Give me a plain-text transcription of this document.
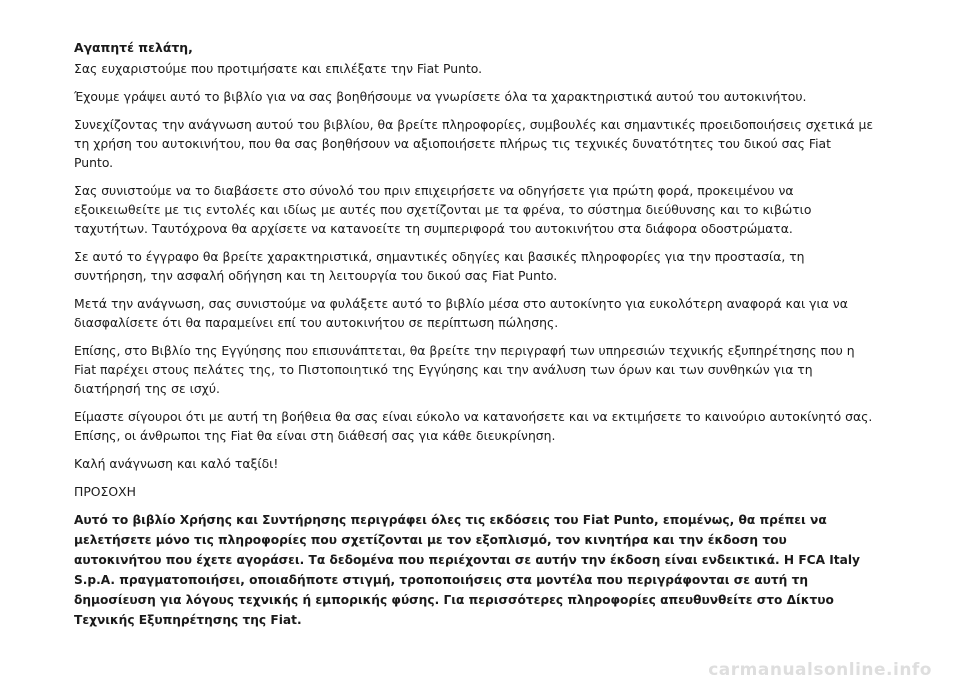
Αγαπητέ πελάτη,

Σας ευχαριστούμε που προτιμήσατε και επιλέξατε την Fiat Punto.

Έχουμε γράψει αυτό το βιβλίο για να σας βοηθήσουμε να γνωρίσετε όλα τα χαρακτηριστικά αυτού του αυτοκινήτου.

Συνεχίζοντας την ανάγνωση αυτού του βιβλίου, θα βρείτε πληροφορίες, συμβουλές και σημαντικές προειδοποιήσεις σχετικά με τη χρήση του αυτοκινήτου, που θα σας βοηθήσουν να αξιοποιήσετε πλήρως τις τεχνικές δυνατότητες του δικού σας Fiat Punto.

Σας συνιστούμε να το διαβάσετε στο σύνολό του πριν επιχειρήσετε να οδηγήσετε για πρώτη φορά, προκειμένου να εξοικειωθείτε με τις εντολές και ιδίως με αυτές που σχετίζονται με τα φρένα, το σύστημα διεύθυνσης και το κιβώτιο ταχυτήτων. Ταυτόχρονα θα αρχίσετε να κατανοείτε τη συμπεριφορά του αυτοκινήτου στα διάφορα οδοστρώματα.

Σε αυτό το έγγραφο θα βρείτε χαρακτηριστικά, σημαντικές οδηγίες και βασικές πληροφορίες για την προστασία, τη συντήρηση, την ασφαλή οδήγηση και τη λειτουργία του δικού σας Fiat Punto.

Μετά την ανάγνωση, σας συνιστούμε να φυλάξετε αυτό το βιβλίο μέσα στο αυτοκίνητο για ευκολότερη αναφορά και για να διασφαλίσετε ότι θα παραμείνει επί του αυτοκινήτου σε περίπτωση πώλησης.

Επίσης, στο Βιβλίο της Εγγύησης που επισυνάπτεται, θα βρείτε την περιγραφή των υπηρεσιών τεχνικής εξυπηρέτησης που η Fiat παρέχει στους πελάτες της, το Πιστοποιητικό της Εγγύησης και την ανάλυση των όρων και των συνθηκών για τη διατήρησή της σε ισχύ.

Είμαστε σίγουροι ότι με αυτή τη βοήθεια θα σας είναι εύκολο να κατανοήσετε και να εκτιμήσετε το καινούριο αυτοκίνητό σας. Επίσης, οι άνθρωποι της Fiat θα είναι στη διάθεσή σας για κάθε διευκρίνηση.

Καλή ανάγνωση και καλό ταξίδι!

ΠΡΟΣΟΧΗ

Αυτό το βιβλίο Χρήσης και Συντήρησης περιγράφει όλες τις εκδόσεις του Fiat Punto, επομένως, θα πρέπει να μελετήσετε μόνο τις πληροφορίες που σχετίζονται με τον εξοπλισμό, τον κινητήρα και την έκδοση του αυτοκινήτου που έχετε αγοράσει. Τα δεδομένα που περιέχονται σε αυτήν την έκδοση είναι ενδεικτικά. Η FCA Italy S.p.A. πραγματοποιήσει, οποιαδήποτε στιγμή, τροποποιήσεις στα μοντέλα που περιγράφονται σε αυτή τη δημοσίευση για λόγους τεχνικής ή εμπορικής φύσης. Για περισσότερες πληροφορίες απευθυνθείτε στο Δίκτυο Τεχνικής Εξυπηρέτησης της Fiat.

carmanualsonline.info
